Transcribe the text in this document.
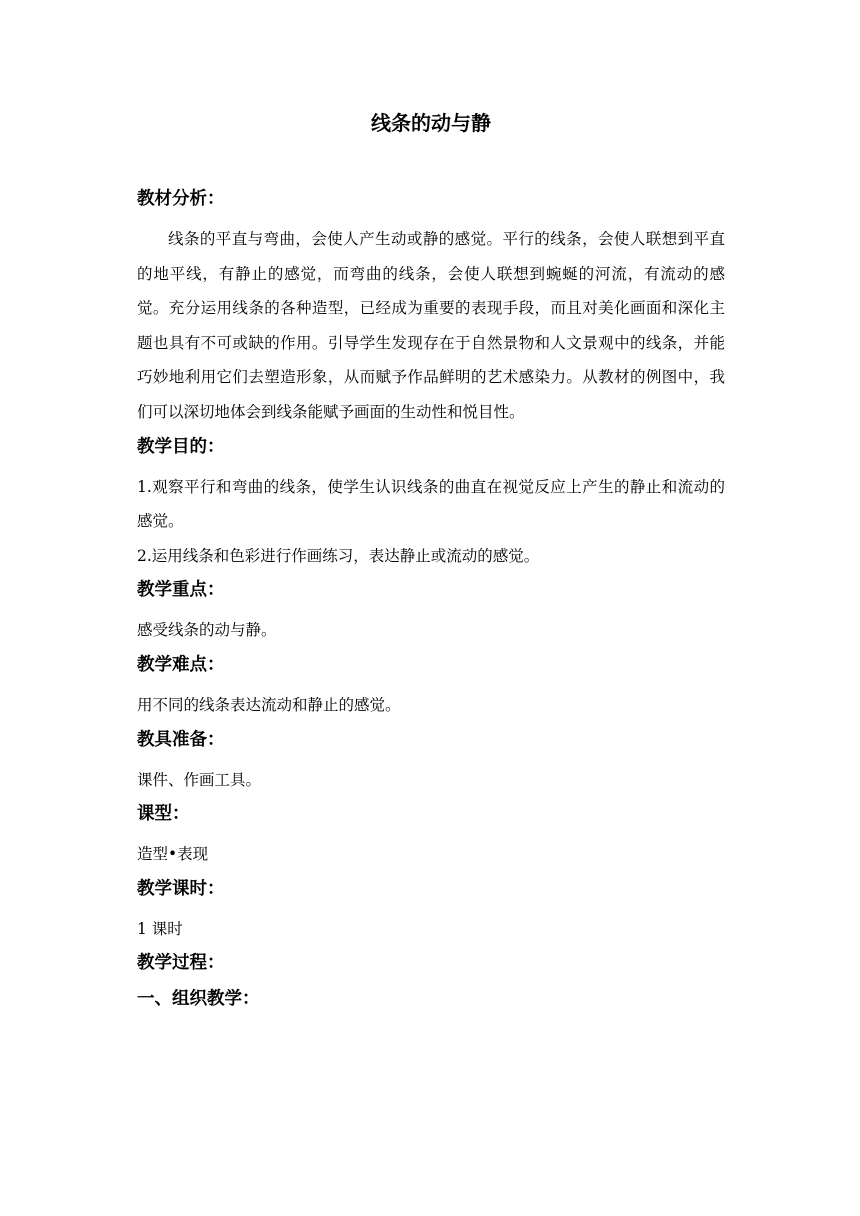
线条的动与静
教材分析：

线条的平直与弯曲，会使人产生动或静的感觉。平行的线条，会使人联想到平直的地平线，有静止的感觉，而弯曲的线条，会使人联想到蜿蜒的河流，有流动的感觉。充分运用线条的各种造型，已经成为重要的表现手段，而且对美化画面和深化主题也具有不可或缺的作用。引导学生发现存在于自然景物和人文景观中的线条，并能巧妙地利用它们去塑造形象，从而赋予作品鲜明的艺术感染力。从教材的例图中，我们可以深切地体会到线条能赋予画面的生动性和悦目性。

教学目的：

1.观察平行和弯曲的线条，使学生认识线条的曲直在视觉反应上产生的静止和流动的感觉。

2.运用线条和色彩进行作画练习，表达静止或流动的感觉。

教学重点：

感受线条的动与静。

教学难点：

用不同的线条表达流动和静止的感觉。

教具准备：

课件、作画工具。

课型：

造型•表现

教学课时：

1 课时

教学过程：
一、组织教学：
